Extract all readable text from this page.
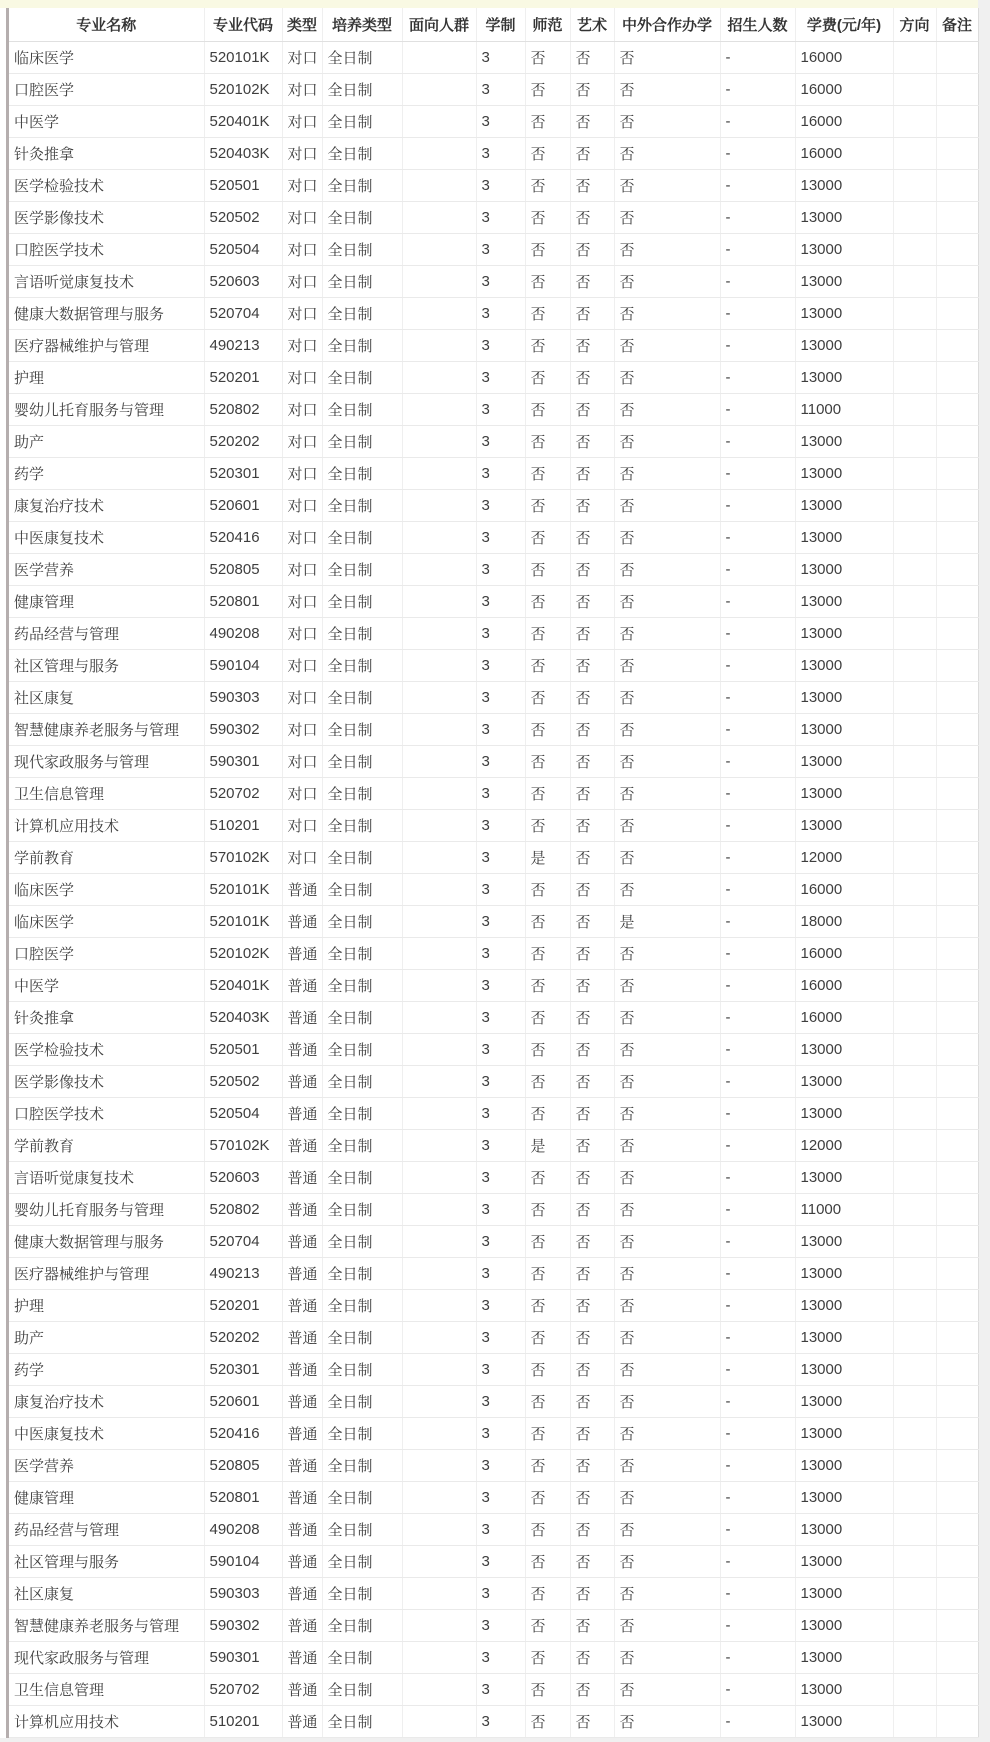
专业名称	专业代码	类型	培养类型	面向人群	学制	师范	艺术	中外合作办学	招生人数	学费(元/年)	方向	备注
临床医学	520101K	对口	全日制		3	否	否	否	-	16000		
口腔医学	520102K	对口	全日制		3	否	否	否	-	16000		
中医学	520401K	对口	全日制		3	否	否	否	-	16000		
针灸推拿	520403K	对口	全日制		3	否	否	否	-	16000		
医学检验技术	520501	对口	全日制		3	否	否	否	-	13000		
医学影像技术	520502	对口	全日制		3	否	否	否	-	13000		
口腔医学技术	520504	对口	全日制		3	否	否	否	-	13000		
言语听觉康复技术	520603	对口	全日制		3	否	否	否	-	13000		
健康大数据管理与服务	520704	对口	全日制		3	否	否	否	-	13000		
医疗器械维护与管理	490213	对口	全日制		3	否	否	否	-	13000		
护理	520201	对口	全日制		3	否	否	否	-	13000		
婴幼儿托育服务与管理	520802	对口	全日制		3	否	否	否	-	11000		
助产	520202	对口	全日制		3	否	否	否	-	13000		
药学	520301	对口	全日制		3	否	否	否	-	13000		
康复治疗技术	520601	对口	全日制		3	否	否	否	-	13000		
中医康复技术	520416	对口	全日制		3	否	否	否	-	13000		
医学营养	520805	对口	全日制		3	否	否	否	-	13000		
健康管理	520801	对口	全日制		3	否	否	否	-	13000		
药品经营与管理	490208	对口	全日制		3	否	否	否	-	13000		
社区管理与服务	590104	对口	全日制		3	否	否	否	-	13000		
社区康复	590303	对口	全日制		3	否	否	否	-	13000		
智慧健康养老服务与管理	590302	对口	全日制		3	否	否	否	-	13000		
现代家政服务与管理	590301	对口	全日制		3	否	否	否	-	13000		
卫生信息管理	520702	对口	全日制		3	否	否	否	-	13000		
计算机应用技术	510201	对口	全日制		3	否	否	否	-	13000		
学前教育	570102K	对口	全日制		3	是	否	否	-	12000		
临床医学	520101K	普通	全日制		3	否	否	否	-	16000		
临床医学	520101K	普通	全日制		3	否	否	是	-	18000		
口腔医学	520102K	普通	全日制		3	否	否	否	-	16000		
中医学	520401K	普通	全日制		3	否	否	否	-	16000		
针灸推拿	520403K	普通	全日制		3	否	否	否	-	16000		
医学检验技术	520501	普通	全日制		3	否	否	否	-	13000		
医学影像技术	520502	普通	全日制		3	否	否	否	-	13000		
口腔医学技术	520504	普通	全日制		3	否	否	否	-	13000		
学前教育	570102K	普通	全日制		3	是	否	否	-	12000		
言语听觉康复技术	520603	普通	全日制		3	否	否	否	-	13000		
婴幼儿托育服务与管理	520802	普通	全日制		3	否	否	否	-	11000		
健康大数据管理与服务	520704	普通	全日制		3	否	否	否	-	13000		
医疗器械维护与管理	490213	普通	全日制		3	否	否	否	-	13000		
护理	520201	普通	全日制		3	否	否	否	-	13000		
助产	520202	普通	全日制		3	否	否	否	-	13000		
药学	520301	普通	全日制		3	否	否	否	-	13000		
康复治疗技术	520601	普通	全日制		3	否	否	否	-	13000		
中医康复技术	520416	普通	全日制		3	否	否	否	-	13000		
医学营养	520805	普通	全日制		3	否	否	否	-	13000		
健康管理	520801	普通	全日制		3	否	否	否	-	13000		
药品经营与管理	490208	普通	全日制		3	否	否	否	-	13000		
社区管理与服务	590104	普通	全日制		3	否	否	否	-	13000		
社区康复	590303	普通	全日制		3	否	否	否	-	13000		
智慧健康养老服务与管理	590302	普通	全日制		3	否	否	否	-	13000		
现代家政服务与管理	590301	普通	全日制		3	否	否	否	-	13000		
卫生信息管理	520702	普通	全日制		3	否	否	否	-	13000		
计算机应用技术	510201	普通	全日制		3	否	否	否	-	13000		
